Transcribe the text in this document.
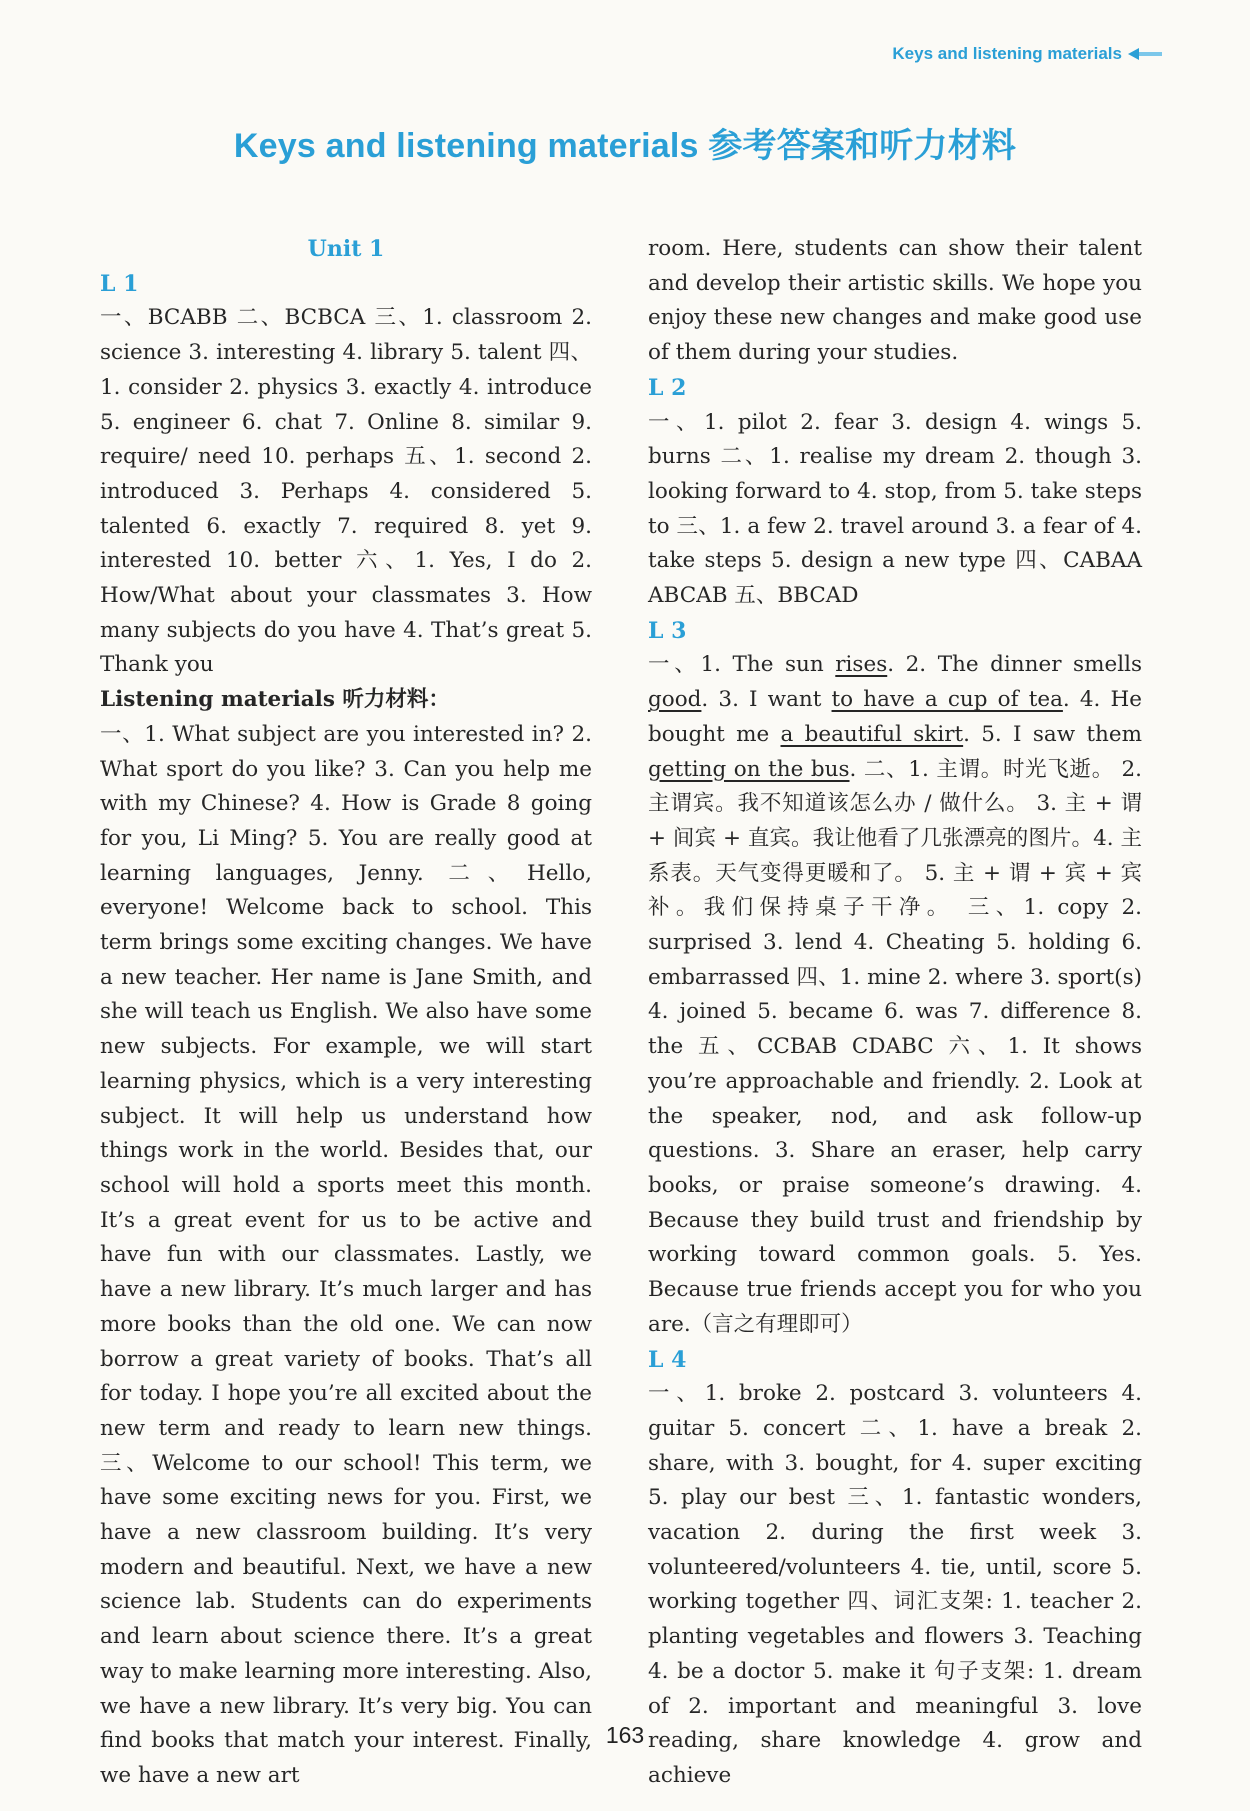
Keys and listening materials
Keys and listening materials 参考答案和听力材料

Unit 1

L 1

一、BCABB 二、BCBCA 三、1. classroom 2. science 3. interesting 4. library 5. talent 四、1. consider 2. physics 3. exactly 4. introduce 5. engineer 6. chat 7. Online 8. similar 9. require/ need 10. perhaps 五、1. second 2. introduced 3. Perhaps 4. considered 5. talented 6. exactly 7. required 8. yet 9. interested 10. better 六、1. Yes, I do 2. How/What about your classmates 3. How many subjects do you have 4. That’s great 5. Thank you

Listening materials 听力材料：

一、1. What subject are you interested in? 2. What sport do you like? 3. Can you help me with my Chinese? 4. How is Grade 8 going for you, Li Ming? 5. You are really good at learning languages, Jenny. 二、Hello, everyone! Welcome back to school. This term brings some exciting changes. We have a new teacher. Her name is Jane Smith, and she will teach us English. We also have some new subjects. For example, we will start learning physics, which is a very interesting subject. It will help us understand how things work in the world. Besides that, our school will hold a sports meet this month. It’s a great event for us to be active and have fun with our classmates. Lastly, we have a new library. It’s much larger and has more books than the old one. We can now borrow a great variety of books. That’s all for today. I hope you’re all excited about the new term and ready to learn new things. 三、Welcome to our school! This term, we have some exciting news for you. First, we have a new classroom building. It’s very modern and beautiful. Next, we have a new science lab. Students can do experiments and learn about science there. It’s a great way to make learning more interesting. Also, we have a new library. It’s very big. You can find books that match your interest. Finally, we have a new art

room. Here, students can show their talent and develop their artistic skills. We hope you enjoy these new changes and make good use of them during your studies.

L 2

一、1. pilot 2. fear 3. design 4. wings 5. burns 二、1. realise my dream 2. though 3. looking forward to 4. stop, from 5. take steps to 三、1. a few 2. travel around 3. a fear of 4. take steps 5. design a new type 四、CABAA ABCAB 五、BBCAD

L 3

一、1. The sun rises. 2. The dinner smells good. 3. I want to have a cup of tea. 4. He bought me a beautiful skirt. 5. I saw them getting on the bus. 二、1. 主谓。时光飞逝。 2. 主谓宾。我不知道该怎么办 / 做什么。 3. 主 + 谓 + 间宾 + 直宾。我让他看了几张漂亮的图片。4. 主系表。天气变得更暖和了。 5. 主 + 谓 + 宾 + 宾补。我们保持桌子干净。 三、1. copy 2. surprised 3. lend 4. Cheating 5. holding 6. embarrassed 四、1. mine 2. where 3. sport(s) 4. joined 5. became 6. was 7. difference 8. the 五、CCBAB CDABC 六、1. It shows you’re approachable and friendly. 2. Look at the speaker, nod, and ask follow-up questions. 3. Share an eraser, help carry books, or praise someone’s drawing. 4. Because they build trust and friendship by working toward common goals. 5. Yes. Because true friends accept you for who you are.（言之有理即可）

L 4

一、1. broke 2. postcard 3. volunteers 4. guitar 5. concert 二、1. have a break 2. share, with 3. bought, for 4. super exciting 5. play our best 三、1. fantastic wonders, vacation 2. during the first week 3. volunteered/volunteers 4. tie, until, score 5. working together 四、词汇支架: 1. teacher 2. planting vegetables and flowers 3. Teaching 4. be a doctor 5. make it 句子支架: 1. dream of 2. important and meaningful 3. love reading, share knowledge 4. grow and achieve

163
